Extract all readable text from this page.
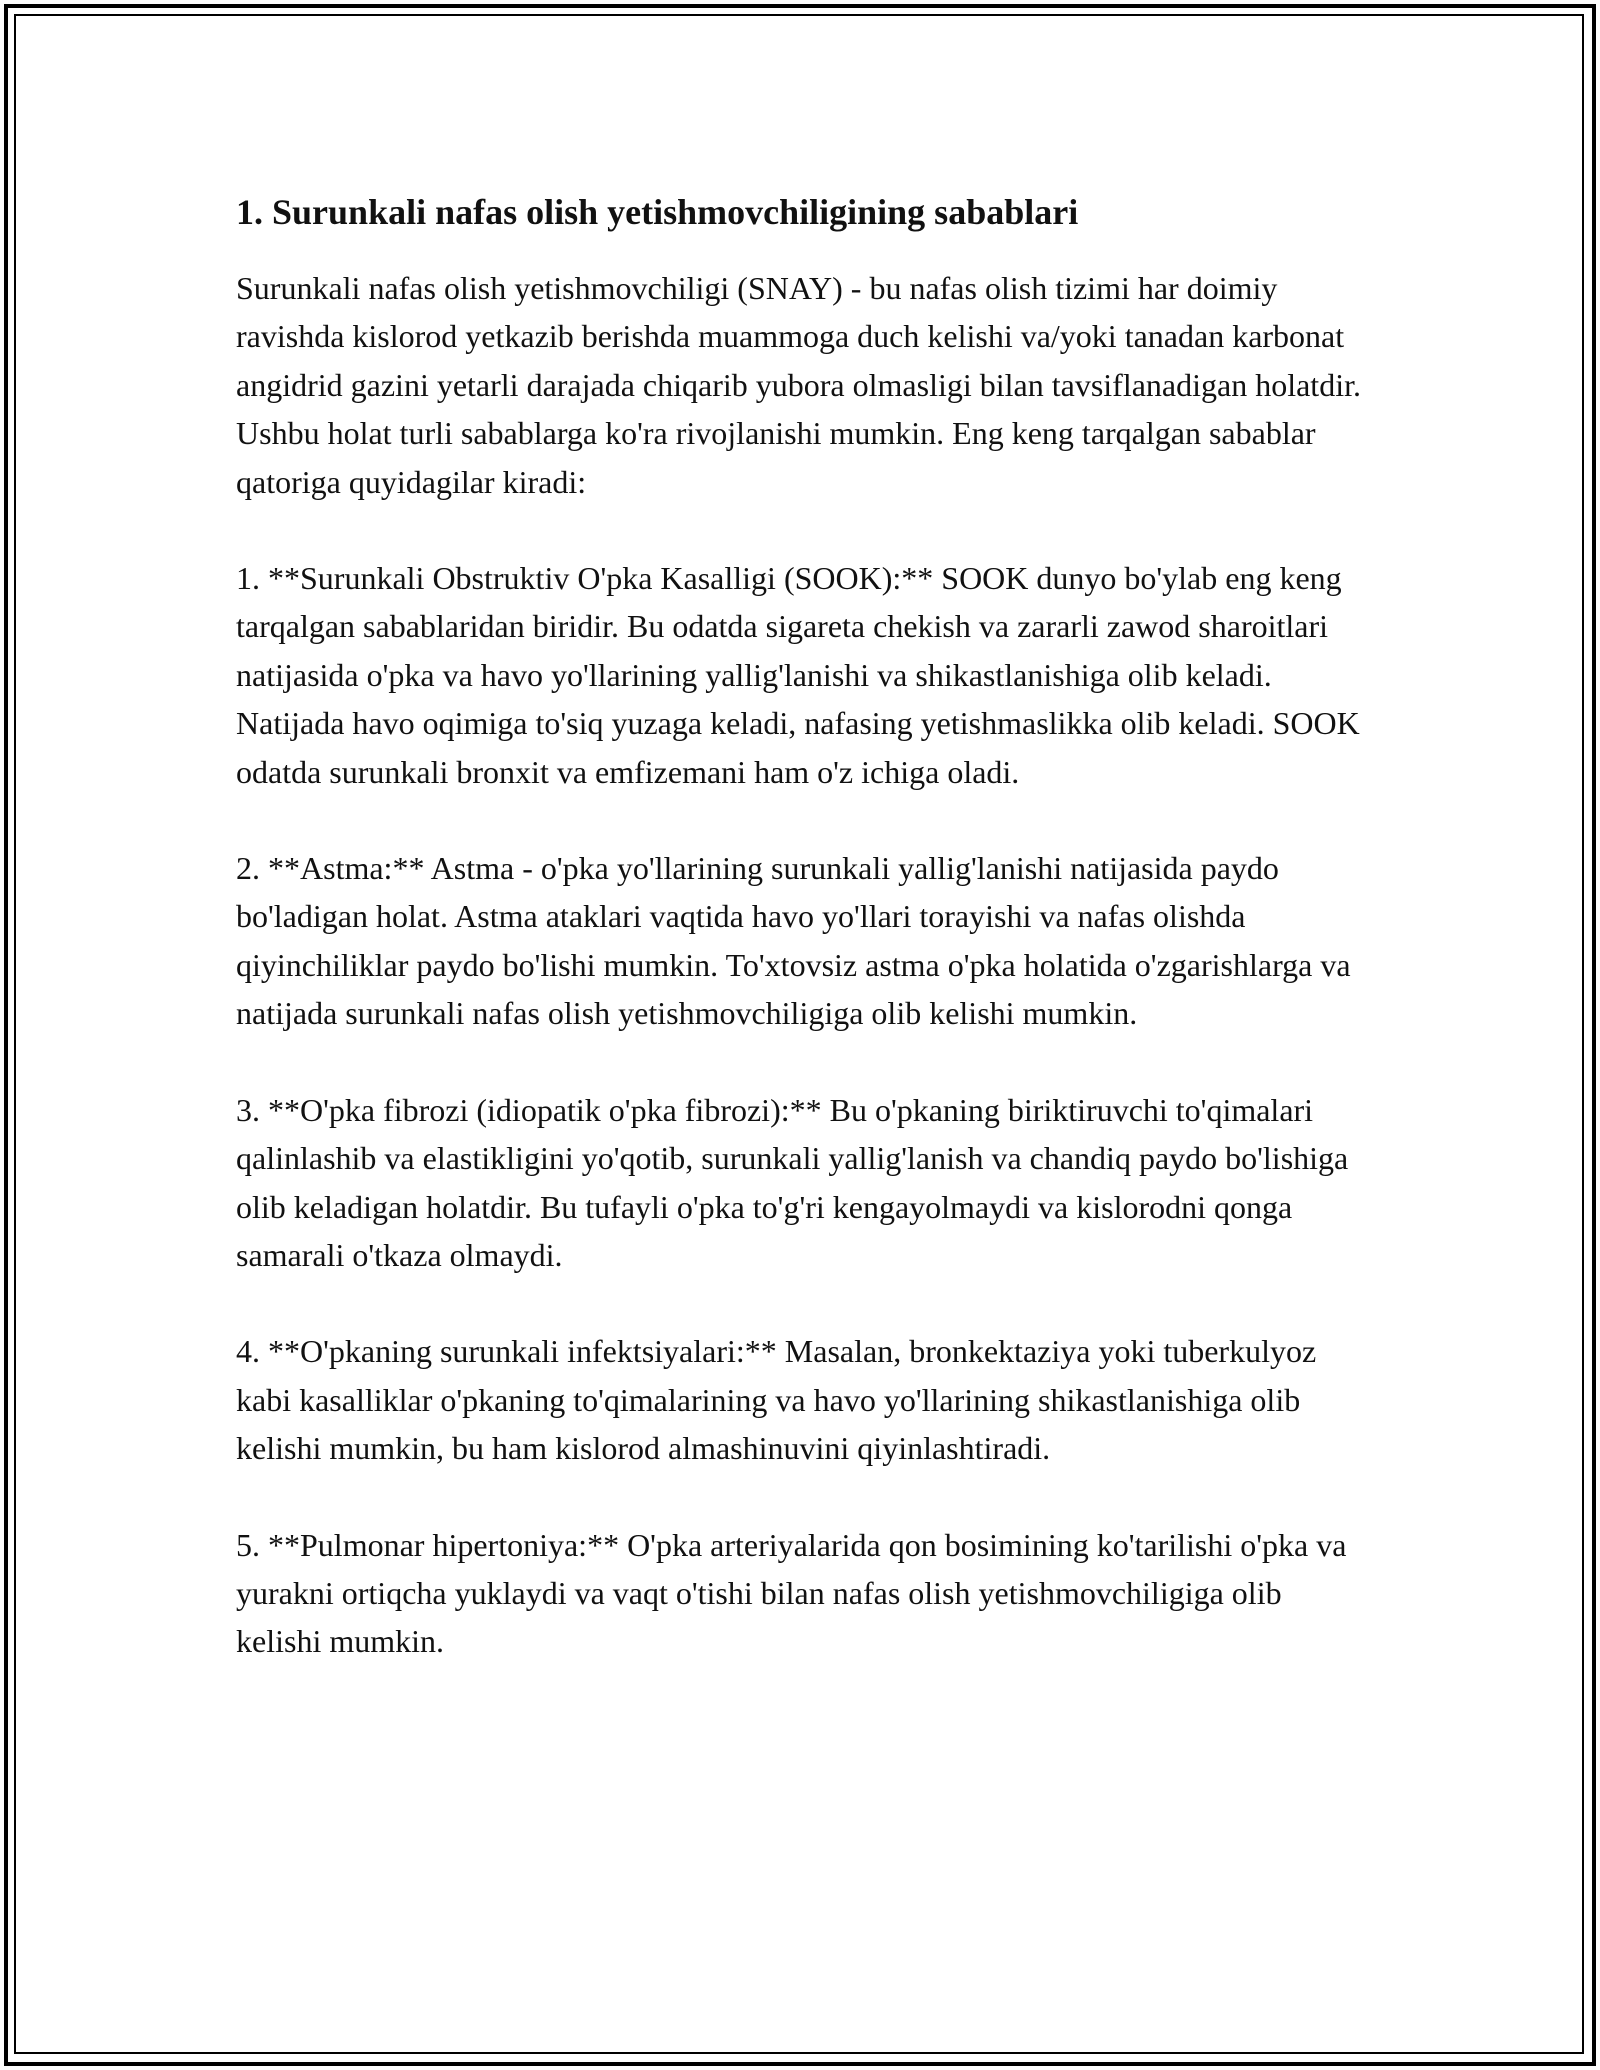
1. Surunkali nafas olish yetishmovchiligining sabablari

Surunkali nafas olish yetishmovchiligi (SNAY) - bu nafas olish tizimi har doimiy ravishda kislorod yetkazib berishda muammoga duch kelishi va/yoki tanadan karbonat angidrid gazini yetarli darajada chiqarib yubora olmasligi bilan tavsiflanadigan holatdir. Ushbu holat turli sabablarga ko'ra rivojlanishi mumkin. Eng keng tarqalgan sabablar qatoriga quyidagilar kiradi:

1. **Surunkali Obstruktiv O'pka Kasalligi (SOOK):** SOOK dunyo bo'ylab eng keng tarqalgan sabablaridan biridir. Bu odatda sigareta chekish va zararli zawod sharoitlari natijasida o'pka va havo yo'llarining yallig'lanishi va shikastlanishiga olib keladi. Natijada havo oqimiga to'siq yuzaga keladi, nafasing yetishmaslikka olib keladi. SOOK odatda surunkali bronxit va emfizemani ham o'z ichiga oladi.

2. **Astma:** Astma - o'pka yo'llarining surunkali yallig'lanishi natijasida paydo bo'ladigan holat. Astma ataklari vaqtida havo yo'llari torayishi va nafas olishda qiyinchiliklar paydo bo'lishi mumkin. To'xtovsiz astma o'pka holatida o'zgarishlarga va natijada surunkali nafas olish yetishmovchiligiga olib kelishi mumkin.

3. **O'pka fibrozi (idiopatik o'pka fibrozi):** Bu o'pkaning biriktiruvchi to'qimalari qalinlashib va elastikligini yo'qotib, surunkali yallig'lanish va chandiq paydo bo'lishiga olib keladigan holatdir. Bu tufayli o'pka to'g'ri kengayolmaydi va kislorodni qonga samarali o'tkaza olmaydi.

4. **O'pkaning surunkali infektsiyalari:** Masalan, bronkektaziya yoki tuberkulyoz kabi kasalliklar o'pkaning to'qimalarining va havo yo'llarining shikastlanishiga olib kelishi mumkin, bu ham kislorod almashinuvini qiyinlashtiradi.

5. **Pulmonar hipertoniya:** O'pka arteriyalarida qon bosimining ko'tarilishi o'pka va yurakni ortiqcha yuklaydi va vaqt o'tishi bilan nafas olish yetishmovchiligiga olib kelishi mumkin.
